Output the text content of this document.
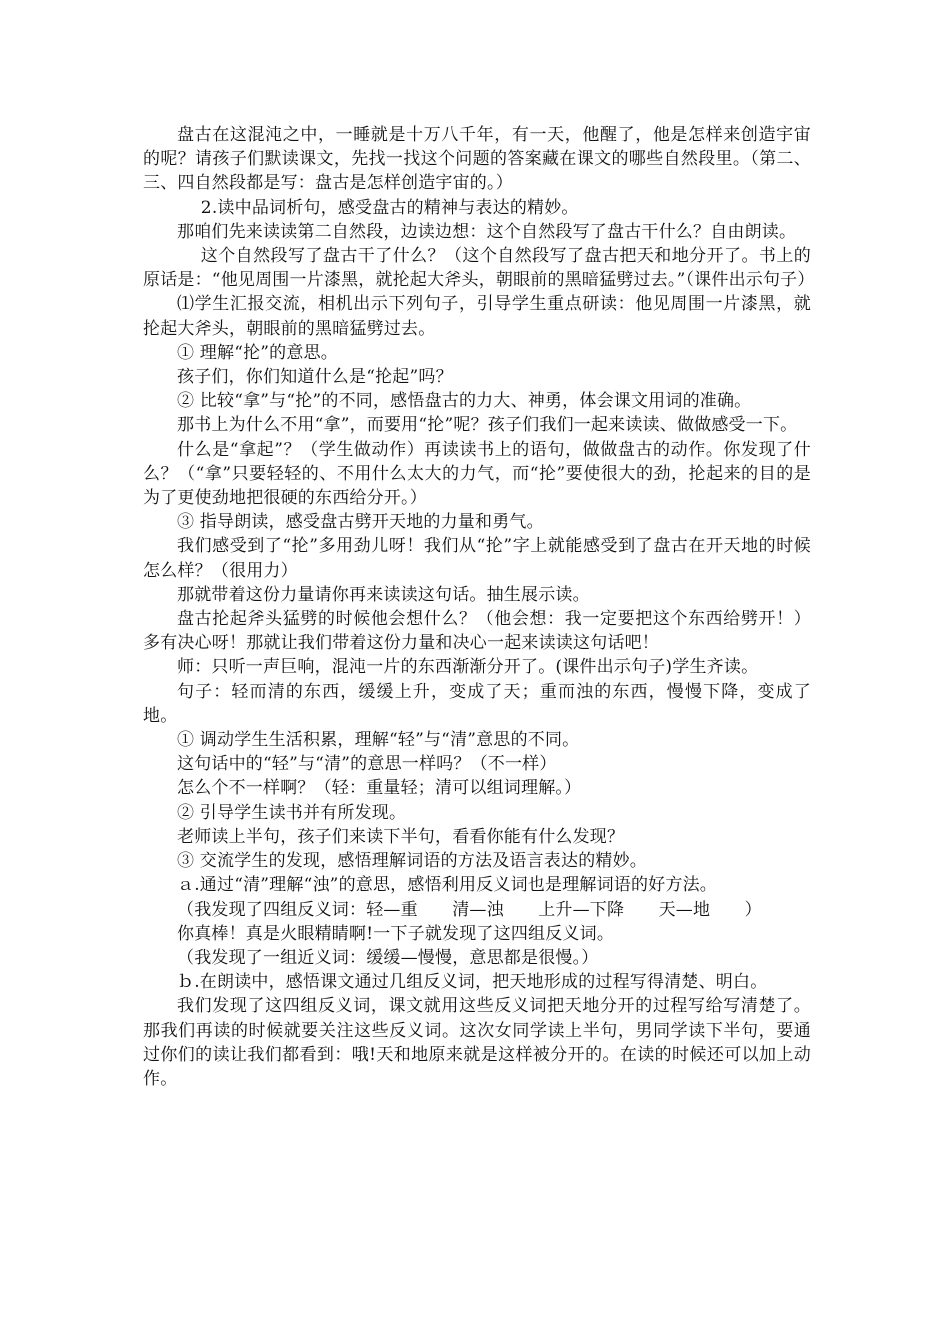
盘古在这混沌之中，一睡就是十万八千年，有一天，他醒了，他是怎样来创造宇宙的呢？请孩子们默读课文，先找一找这个问题的答案藏在课文的哪些自然段里。（第二、三、四自然段都是写：盘古是怎样创造宇宙的。）

2.读中品词析句，感受盘古的精神与表达的精妙。

那咱们先来读读第二自然段，边读边想：这个自然段写了盘古干什么？自由朗读。

这个自然段写了盘古干了什么？（这个自然段写了盘古把天和地分开了。书上的原话是：“他见周围一片漆黑，就抡起大斧头，朝眼前的黑暗猛劈过去。”（课件出示句子）

⑴学生汇报交流，相机出示下列句子，引导学生重点研读：他见周围一片漆黑，就抡起大斧头，朝眼前的黑暗猛劈过去。

① 理解“抡”的意思。

孩子们，你们知道什么是“抡起”吗？

② 比较“拿”与“抡”的不同，感悟盘古的力大、神勇，体会课文用词的准确。

那书上为什么不用“拿”，而要用“抡”呢？孩子们我们一起来读读、做做感受一下。

什么是“拿起”？（学生做动作）再读读书上的语句，做做盘古的动作。你发现了什么？（“拿”只要轻轻的、不用什么太大的力气，而“抡”要使很大的劲，抡起来的目的是为了更使劲地把很硬的东西给分开。）

③ 指导朗读，感受盘古劈开天地的力量和勇气。

我们感受到了“抡”多用劲儿呀！我们从“抡”字上就能感受到了盘古在开天地的时候怎么样？（很用力）

那就带着这份力量请你再来读读这句话。抽生展示读。

盘古抡起斧头猛劈的时候他会想什么？（他会想：我一定要把这个东西给劈开！）多有决心呀！那就让我们带着这份力量和决心一起来读读这句话吧！

师：只听一声巨响，混沌一片的东西渐渐分开了。(课件出示句子)学生齐读。

句子：轻而清的东西，缓缓上升，变成了天；重而浊的东西，慢慢下降，变成了地。

① 调动学生生活积累，理解“轻”与“清”意思的不同。

这句话中的“轻”与“清”的意思一样吗？（不一样）

怎么个不一样啊？（轻：重量轻；清可以组词理解。）

② 引导学生读书并有所发现。

老师读上半句，孩子们来读下半句，看看你能有什么发现？

③ 交流学生的发现，感悟理解词语的方法及语言表达的精妙。

ａ.通过“清”理解“浊”的意思，感悟利用反义词也是理解词语的好方法。

（我发现了四组反义词：轻—重　　清—浊　　上升—下降　　天—地　　）

你真棒！真是火眼精睛啊!一下子就发现了这四组反义词。

（我发现了一组近义词：缓缓—慢慢，意思都是很慢。）

ｂ.在朗读中，感悟课文通过几组反义词，把天地形成的过程写得清楚、明白。

我们发现了这四组反义词，课文就用这些反义词把天地分开的过程写给写清楚了。那我们再读的时候就要关注这些反义词。这次女同学读上半句，男同学读下半句，要通过你们的读让我们都看到：哦!天和地原来就是这样被分开的。在读的时候还可以加上动作。
